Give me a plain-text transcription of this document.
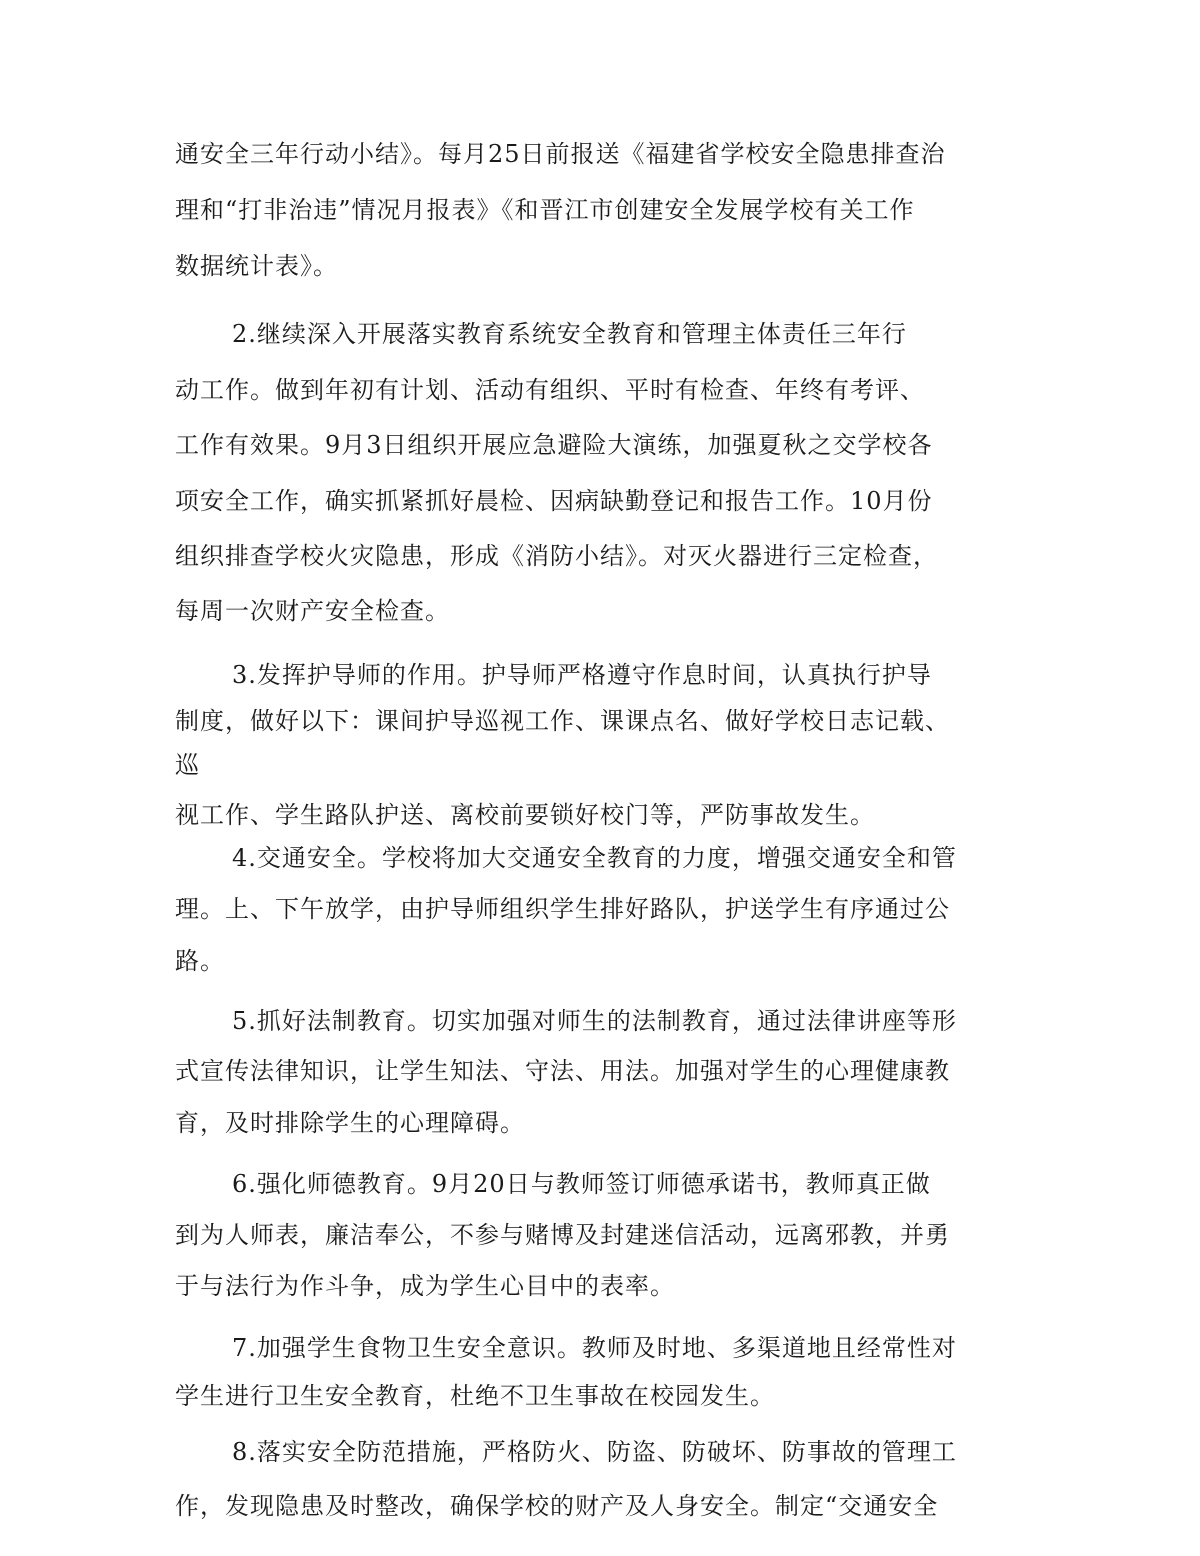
通安全三年行动小结》。每月25日前报送《福建省学校安全隐患排查治
理和“打非治违”情况月报表》《和晋江市创建安全发展学校有关工作
数据统计表》。
2.继续深入开展落实教育系统安全教育和管理主体责任三年行
动工作。做到年初有计划、活动有组织、平时有检查、年终有考评、
工作有效果。9月3日组织开展应急避险大演练，加强夏秋之交学校各
项安全工作，确实抓紧抓好晨检、因病缺勤登记和报告工作。10月份
组织排查学校火灾隐患，形成《消防小结》。对灭火器进行三定检查，
每周一次财产安全检查。
3.发挥护导师的作用。护导师严格遵守作息时间，认真执行护导
制度，做好以下：课间护导巡视工作、课课点名、做好学校日志记载、
巡
视工作、学生路队护送、离校前要锁好校门等，严防事故发生。
4.交通安全。学校将加大交通安全教育的力度，增强交通安全和管
理。上、下午放学，由护导师组织学生排好路队，护送学生有序通过公
路。
5.抓好法制教育。切实加强对师生的法制教育，通过法律讲座等形
式宣传法律知识，让学生知法、守法、用法。加强对学生的心理健康教
育，及时排除学生的心理障碍。
6.强化师德教育。9月20日与教师签订师德承诺书，教师真正做
到为人师表，廉洁奉公，不参与赌博及封建迷信活动，远离邪教，并勇
于与法行为作斗争，成为学生心目中的表率。
7.加强学生食物卫生安全意识。教师及时地、多渠道地且经常性对
学生进行卫生安全教育，杜绝不卫生事故在校园发生。
8.落实安全防范措施，严格防火、防盗、防破坏、防事故的管理工
作，发现隐患及时整改，确保学校的财产及人身安全。制定“交通安全
